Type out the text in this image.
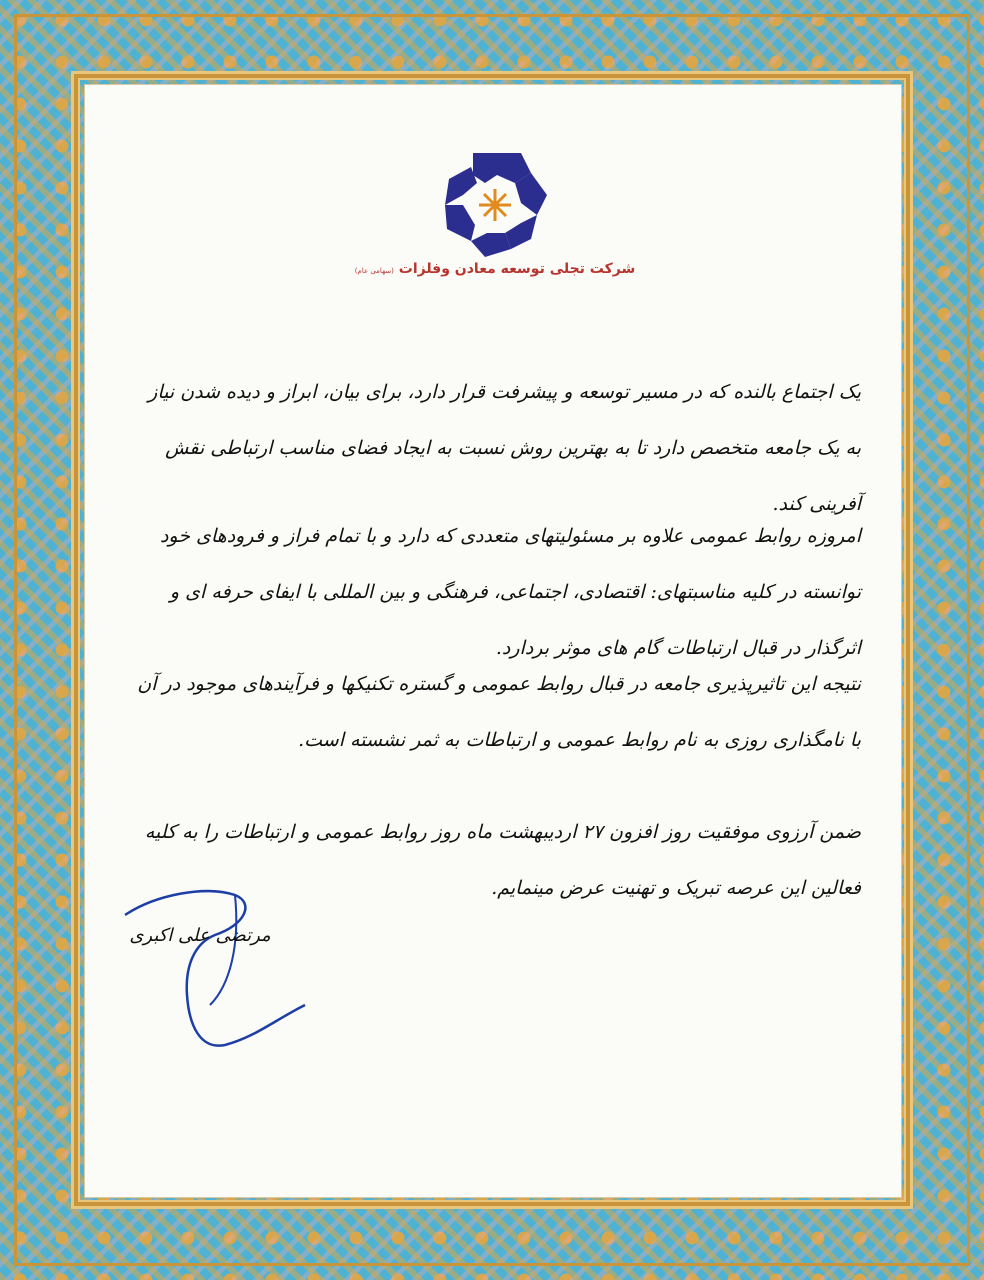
شرکت تجلی توسعه معادن وفلزات (سهامی عام)

یک اجتماع بالنده که در مسیر توسعه و پیشرفت قرار دارد، برای بیان، ابراز و دیده شدن نیاز به یک جامعه متخصص دارد تا به بهترین روش نسبت به ایجاد فضای مناسب ارتباطی نقش آفرینی کند.

امروزه روابط عمومی علاوه بر مسئولیتهای متعددی که دارد و با تمام فراز و فرودهای خود توانسته در کلیه مناسبتهای: اقتصادی، اجتماعی، فرهنگی و بین المللی با ایفای حرفه ای و اثرگذار در قبال ارتباطات گام های موثر بردارد.

نتیجه این تاثیرپذیری جامعه در قبال روابط عمومی و گستره تکنیکها و فرآیندهای موجود در آن با نامگذاری روزی به نام روابط عمومی و ارتباطات به ثمر نشسته است.

ضمن آرزوی موفقیت روز افزون ۲۷ اردیبهشت ماه روز روابط عمومی و ارتباطات را به کلیه فعالین این عرصه تبریک و تهنیت عرض مینمایم.

مرتضی علی اکبری
